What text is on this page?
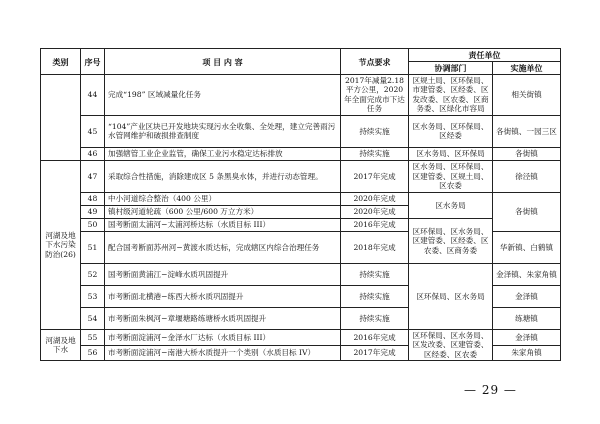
类别	序号	项 目 内 容	节点要求	责任单位	
				协调部门	实施单位
	44	完成“198” 区域减量化任务	2017年减量2.18平方公里，2020年全面完成市下达任务	区规土局、区环保局、市建管委、区经委、区发改委、区农委、区商务委、区绿化市容局	相关街镇
	45	“104”产业区块已开发地块实现污水全收集、全处理，建立完善雨污水管网维护和破损排查制度	持续实施	区水务局、区环保局、区经委	各街镇、一园三区
	46	加强辖管工业企业监管，确保工业污水稳定达标排放	持续实施	区水务局、区环保局	各街镇
河湖及地下水污染防治(26)	47	采取综合性措施，消除建成区 5 条黑臭水体，并进行动态管理。	2017年完成	区水务局、区环保局、区建管委、区规土局、区农委	徐泾镇
	48	中小河道综合整治（400 公里）	2020年完成	区水务局	各街镇
	49	镇村级河道轮疏（600 公里/600 万立方米）	2020年完成		
	50	国考断面太浦河−太浦河桥达标（水质目标 III）	2016年完成	区环保局、区水务局、区建管委、区经委、区农委、区商务委	
	51	配合国考断面苏州河−黄渡水质达标，完成辖区内综合治理任务	2018年完成		华新镇、白鹤镇
	52	国考断面黄浦江−淀峰水质巩固提升	持续实施	区环保局、区水务局	金泽镇、朱家角镇
	53	市考断面北横港−练西大桥水质巩固提升	持续实施		金泽镇
	54	市考断面朱枫河−章堰塘路练塘桥水质巩固提升	持续实施		练塘镇
河湖及地下水	55	市考断面淀浦河−金泽水厂达标（水质目标 III）	2016年完成	区环保局、区水务局、区发改委、区建管委、区经委、区农委	金泽镇
	56	市考断面淀浦河−南港大桥水质提升一个类别（水质目标 IV）	2017年完成		朱家角镇
— 29 —
